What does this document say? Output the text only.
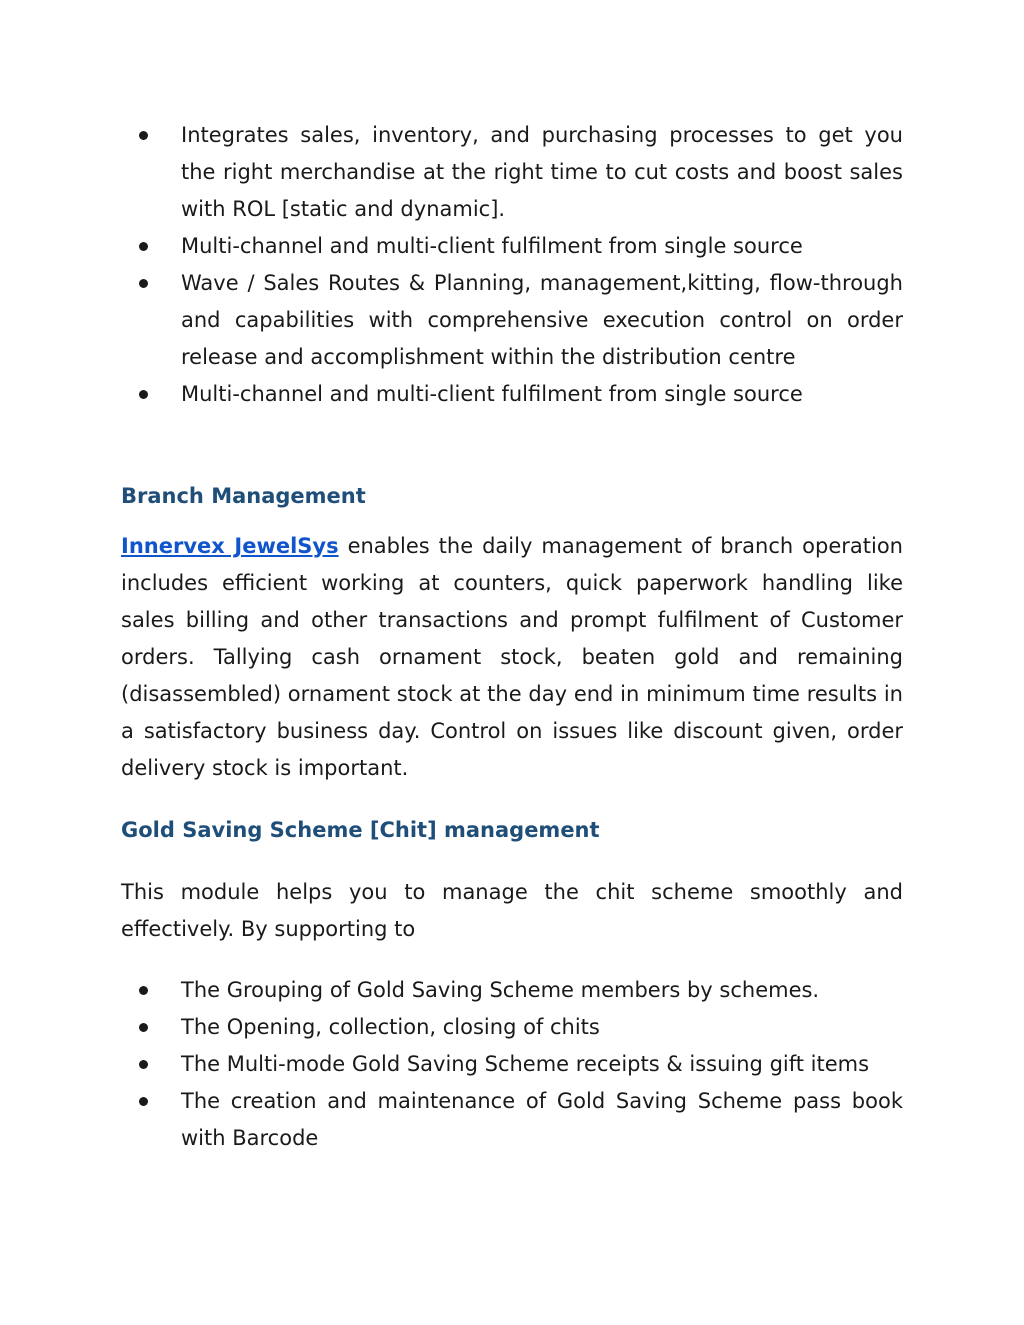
Integrates sales, inventory, and purchasing processes to get you the right merchandise at the right time to cut costs and boost sales with ROL [static and dynamic].
Multi-channel and multi-client fulfilment from single source
Wave / Sales Routes & Planning, management,kitting, flow-through and capabilities with comprehensive execution control on order release and accomplishment within the distribution centre
Multi-channel and multi-client fulfilment from single source
Branch Management

Innervex JewelSys enables the daily management of branch operation includes efficient working at counters, quick paperwork handling like sales billing and other transactions and prompt fulfilment of Customer orders. Tallying cash ornament stock, beaten gold and remaining (disassembled) ornament stock at the day end in minimum time results in a satisfactory business day. Control on issues like discount given, order delivery stock is important.

Gold Saving Scheme [Chit] management

This module helps you to manage the chit scheme smoothly and effectively. By supporting to

The Grouping of Gold Saving Scheme members by schemes.
The Opening, collection, closing of chits
The Multi-mode Gold Saving Scheme receipts & issuing gift items
The creation and maintenance of Gold Saving Scheme pass book with Barcode
